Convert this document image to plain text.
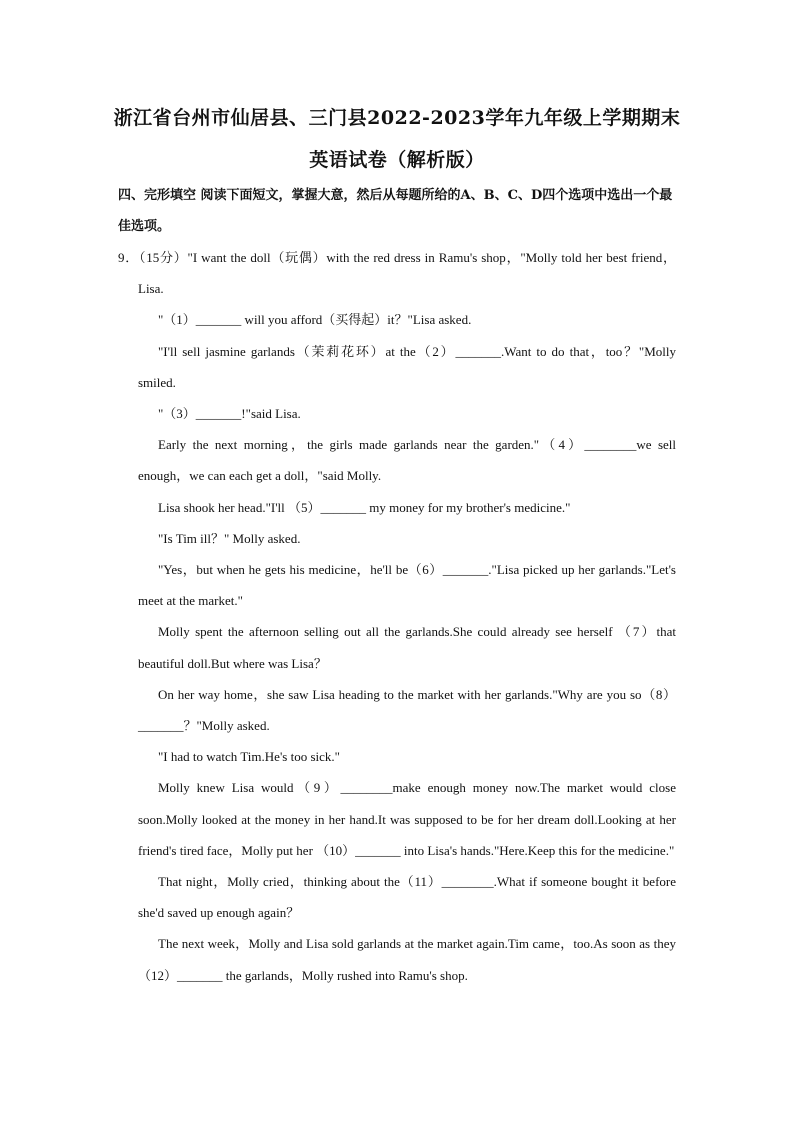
浙江省台州市仙居县、三门县2022-2023学年九年级上学期期末
英语试卷（解析版）
四、完形填空 阅读下面短文，掌握大意，然后从每题所给的A、B、C、D四个选项中选出一个最佳选项。

9．（15分）"I want the doll（玩偶）with the red dress in Ramu's shop，"Molly told her best friend，Lisa.

"（1）_______ will you afford（买得起）it？"Lisa asked.

"I'll sell jasmine garlands（茉莉花环）at the（2）_______.Want to do that，too？"Molly smiled.

"（3）_______!"said Lisa.

Early the next morning，the girls made garlands near the garden."（4）________we sell enough，we can each get a doll，"said Molly.

Lisa shook her head."I'll （5）_______ my money for my brother's medicine."

"Is Tim ill？" Molly asked.

"Yes，but when he gets his medicine，he'll be（6）_______."Lisa picked up her garlands."Let's meet at the market."

Molly spent the afternoon selling out all the garlands.She could already see herself （7）that beautiful doll.But where was Lisa？

On her way home，she saw Lisa heading to the market with her garlands."Why are you so（8）_______？"Molly asked.

"I had to watch Tim.He's too sick."

Molly knew Lisa would（9）________make enough money now.The market would close soon.Molly looked at the money in her hand.It was supposed to be for her dream doll.Looking at her friend's tired face，Molly put her （10）_______ into Lisa's hands."Here.Keep this for the medicine."

That night，Molly cried，thinking about the（11）________.What if someone bought it before she'd saved up enough again？

The next week，Molly and Lisa sold garlands at the market again.Tim came，too.As soon as they（12）_______ the garlands，Molly rushed into Ramu's shop.
